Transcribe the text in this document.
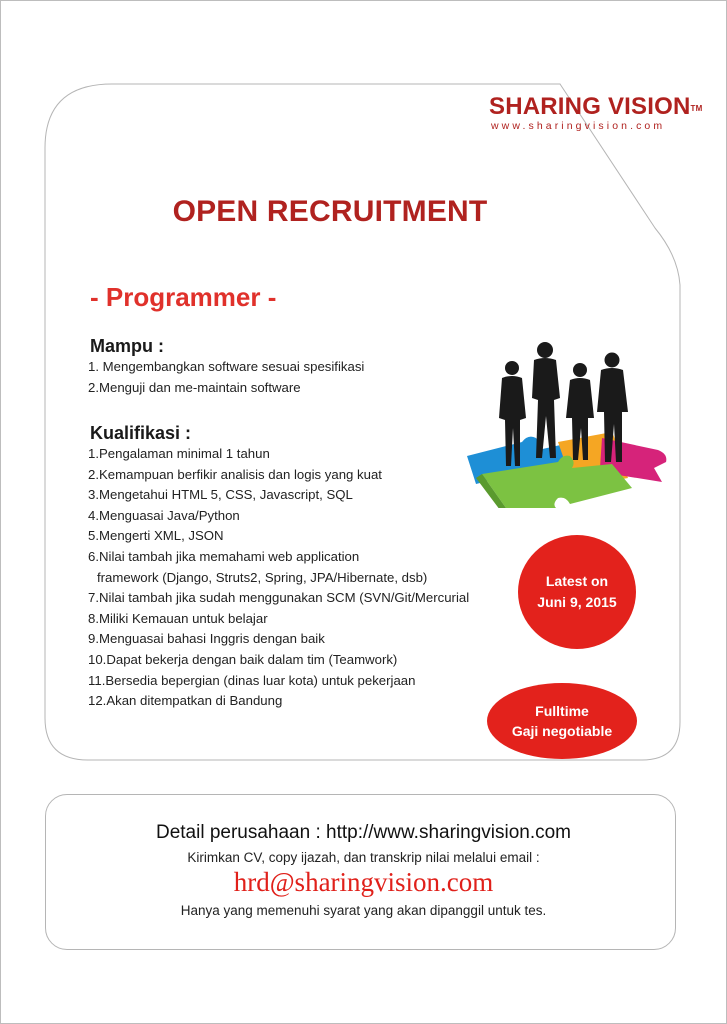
SHARING VISION™
www.sharingvision.com
OPEN RECRUITMENT
- Programmer -
Mampu :
1. Mengembangkan software sesuai spesifikasi
2.Menguji dan me-maintain software
Kualifikasi :
1.Pengalaman minimal 1 tahun
2.Kemampuan berfikir analisis dan logis yang kuat
3.Mengetahui HTML 5, CSS, Javascript, SQL
4.Menguasai Java/Python
5.Mengerti XML, JSON
6.Nilai tambah jika memahami web application
framework (Django, Struts2, Spring, JPA/Hibernate, dsb)
7.Nilai tambah jika sudah menggunakan SCM (SVN/Git/Mercurial
8.Miliki Kemauan untuk belajar
9.Menguasai bahasi Inggris dengan baik
10.Dapat bekerja dengan baik dalam tim (Teamwork)
11.Bersedia bepergian (dinas luar kota) untuk pekerjaan
12.Akan ditempatkan di Bandung
Latest on
Juni 9, 2015
Fulltime
Gaji negotiable
Detail perusahaan : http://www.sharingvision.com
Kirimkan CV, copy ijazah, dan transkrip nilai melalui email :
hrd@sharingvision.com
Hanya yang memenuhi syarat yang akan dipanggil untuk tes.
